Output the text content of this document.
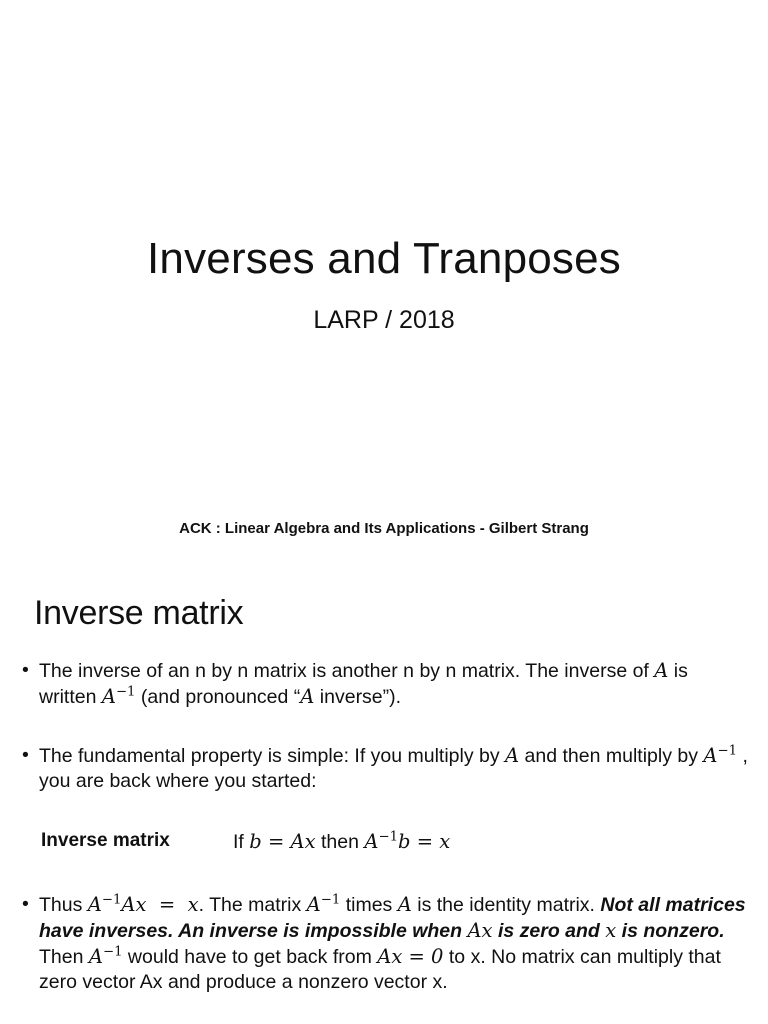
Inverses and Tranposes
LARP / 2018
ACK : Linear Algebra and Its Applications - Gilbert Strang
Inverse matrix
• The inverse of an n by n matrix is another n by n matrix. The inverse of A is written $A^{-1}$ (and pronounced “A inverse”).
• The fundamental property is simple: If you multiply by A and then multiply by $A^{-1}$ , you are back where you started:
Inverse matrix	If b = Ax then $A^{-1}b = x$
• Thus $A^{-1}Ax = x$. The matrix $A^{-1}$ times A is the identity matrix. Not all matrices have inverses. An inverse is impossible when Ax is zero and x is nonzero. Then $A^{-1}$ would have to get back from Ax = 0 to x. No matrix can multiply that zero vector Ax and produce a nonzero vector x.
